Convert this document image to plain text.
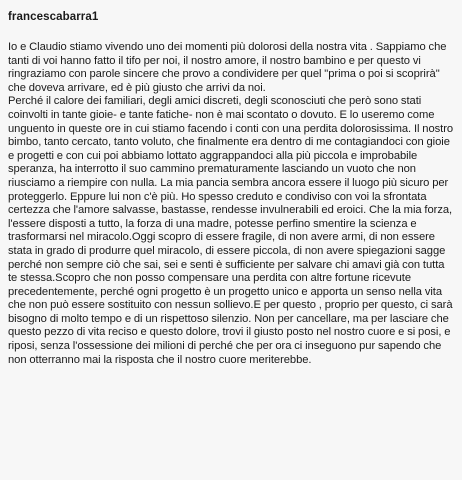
francescabarra1

Io e Claudio stiamo vivendo uno dei momenti più dolorosi della nostra vita . Sappiamo che tanti di voi hanno fatto il tifo per noi, il nostro amore, il nostro bambino e per questo vi ringraziamo con parole sincere che provo a condividere per quel "prima o poi si scoprirà" che doveva arrivare, ed è più giusto che arrivi da noi.

Perché il calore dei familiari, degli amici discreti, degli sconosciuti che però sono stati coinvolti in tante gioie- e tante fatiche- non è mai scontato o dovuto. E lo useremo come unguento in queste ore in cui stiamo facendo i conti con una perdita dolorosissima. Il nostro bimbo, tanto cercato, tanto voluto, che finalmente era dentro di me contagiandoci con gioie e progetti e con cui poi abbiamo lottato aggrappandoci alla più piccola e improbabile speranza, ha interrotto il suo cammino prematuramente lasciando un vuoto che non riusciamo a riempire con nulla. La mia pancia sembra ancora essere il luogo più sicuro per proteggerlo. Eppure lui non c'è più. Ho spesso creduto e condiviso con voi la sfrontata certezza che l'amore salvasse, bastasse, rendesse invulnerabili ed eroici. Che la mia forza, l'essere disposti a tutto, la forza di una madre, potesse perfino smentire la scienza e trasformarsi nel miracolo.Oggi scopro di essere fragile, di non avere armi, di non essere stata in grado di produrre quel miracolo, di essere piccola, di non avere spiegazioni sagge perché non sempre ciò che sai, sei e senti è sufficiente per salvare chi amavi già con tutta te stessa.Scopro che non posso compensare una perdita con altre fortune ricevute precedentemente, perché ogni progetto è un progetto unico e apporta un senso nella vita che non può essere sostituito con nessun sollievo.E per questo , proprio per questo, ci sarà bisogno di molto tempo e di un rispettoso silenzio. Non per cancellare, ma per lasciare che questo pezzo di vita reciso e questo dolore, trovi il giusto posto nel nostro cuore e si posi, e riposi, senza l'ossessione dei milioni di perché che per ora ci inseguono pur sapendo che non otterranno mai la risposta che il nostro cuore meriterebbe.
